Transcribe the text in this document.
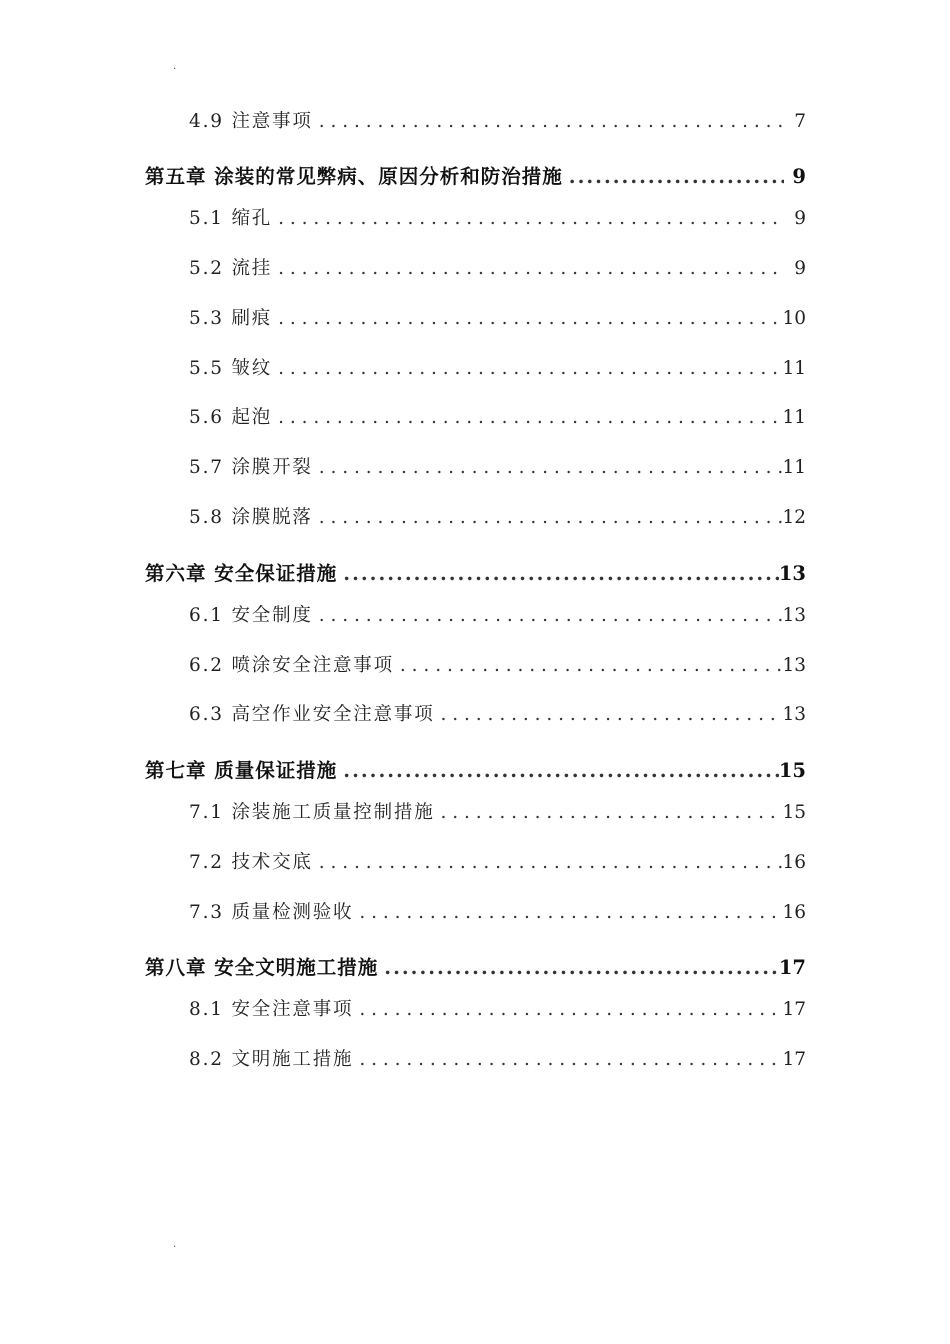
.
4.9 注意事项 . . .	7
第五章 涂装的常见弊病、原因分析和防治措施 .....	9
5.1 缩孔 . . .	9
5.2 流挂 . . .	9
5.3 刷痕 . . .	10
5.5 皱纹 . . .	11
5.6 起泡 . . .	11
5.7 涂膜开裂 . . .	11
5.8 涂膜脱落 . . .	12
第六章 安全保证措施 .....	13
6.1 安全制度 . . .	13
6.2 喷涂安全注意事项 . . .	13
6.3 高空作业安全注意事项 . . .	13
第七章 质量保证措施 .....	15
7.1 涂装施工质量控制措施 . . .	15
7.2 技术交底 . . .	16
7.3 质量检测验收 . . .	16
第八章 安全文明施工措施 .....	17
8.1 安全注意事项 . . .	17
8.2 文明施工措施 . . .	17
.
